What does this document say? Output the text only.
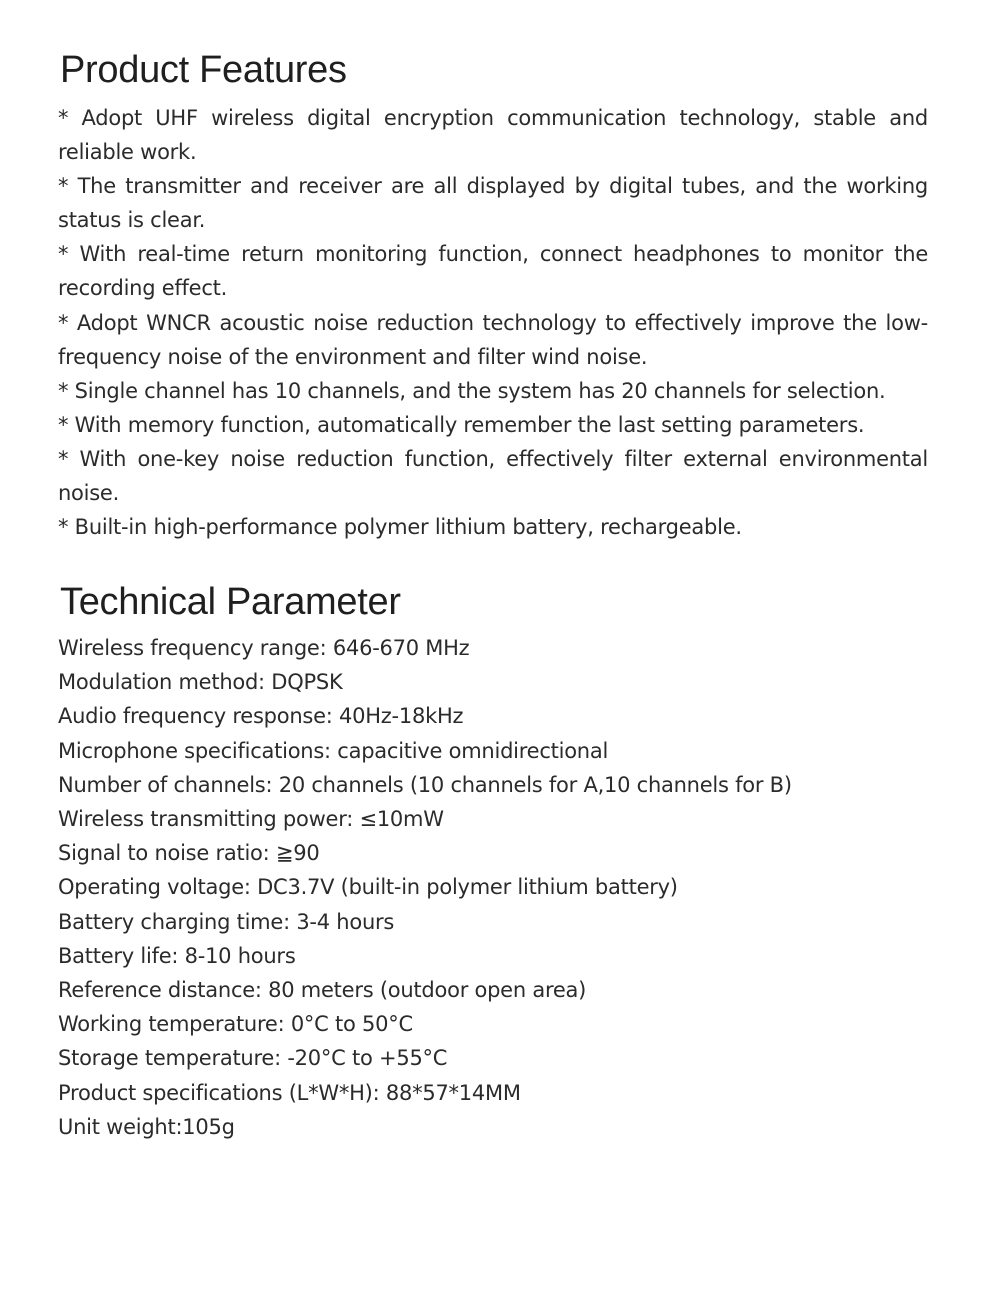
Product Features
* Adopt UHF wireless digital encryption communication technology, stable and reliable work.
* The transmitter and receiver are all displayed by digital tubes, and the working status is clear.
* With real-time return monitoring function, connect headphones to monitor the recording effect.
* Adopt WNCR acoustic noise reduction technology to effectively improve the low-frequency noise of the environment and filter wind noise.
* Single channel has 10 channels, and the system has 20 channels for selection.
* With memory function, automatically remember the last setting parameters.
* With one-key noise reduction function, effectively filter external environmental noise.
* Built-in high-performance polymer lithium battery, rechargeable.
Technical Parameter
Wireless frequency range: 646-670 MHz
Modulation method: DQPSK
Audio frequency response: 40Hz-18kHz
Microphone specifications: capacitive omnidirectional
Number of channels: 20 channels (10 channels for A,10 channels for B)
Wireless transmitting power: ≤10mW
Signal to noise ratio: ≧90
Operating voltage: DC3.7V (built-in polymer lithium battery)
Battery charging time: 3-4 hours
Battery life: 8-10 hours
Reference distance: 80 meters (outdoor open area)
Working temperature: 0°C to 50°C
Storage temperature: -20°C to +55°C
Product specifications (L*W*H): 88*57*14MM
Unit weight:105g
